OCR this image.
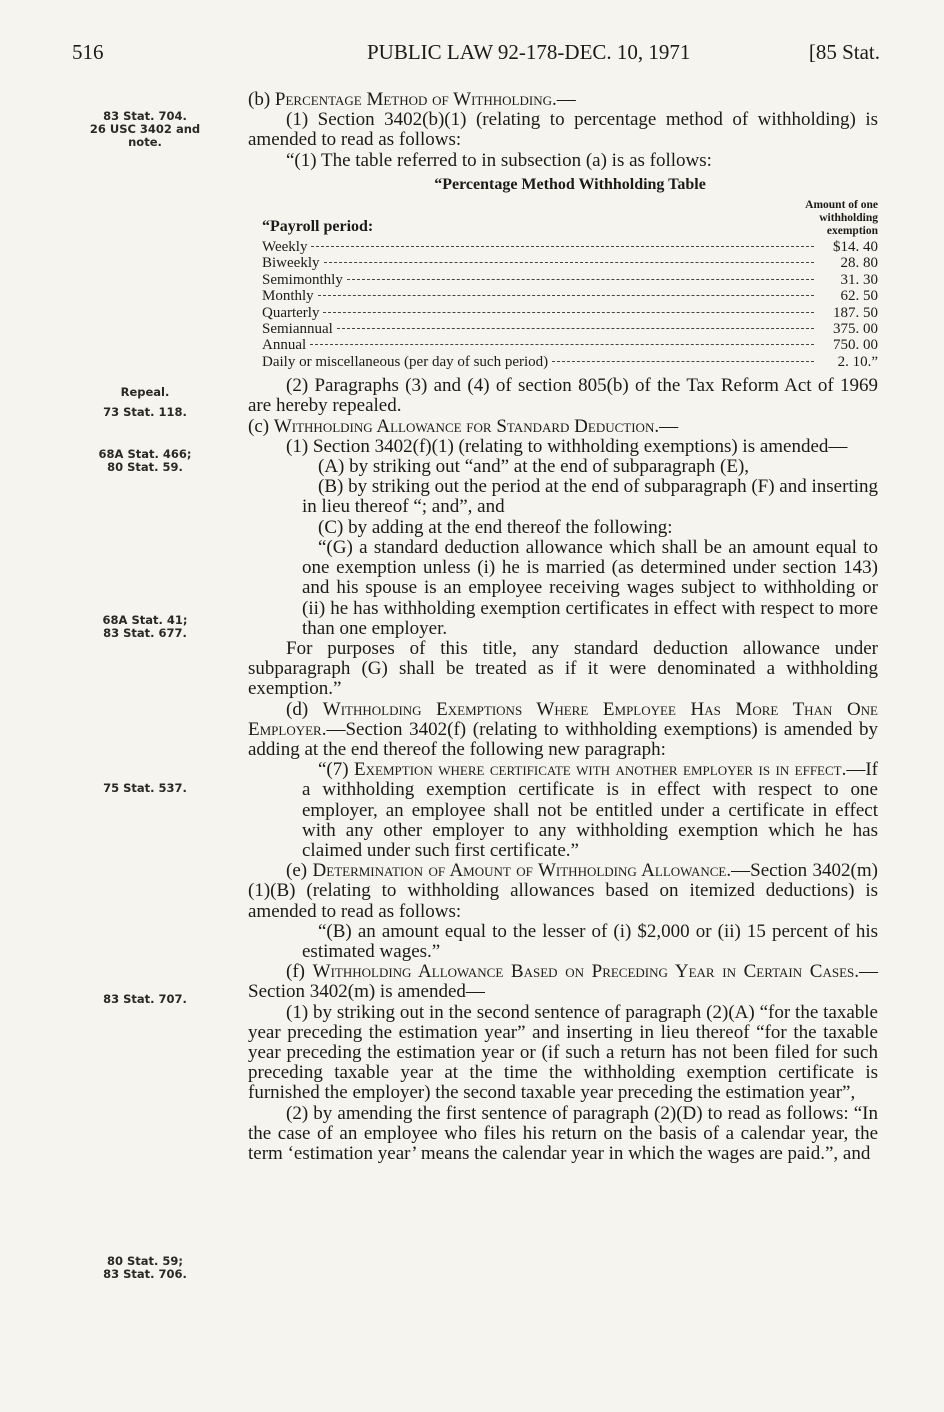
516	PUBLIC LAW 92-178-DEC. 10, 1971	[85 Stat.
83 Stat. 704.
26 USC 3402 and
note.
Repeal.
73 Stat. 118.
68A Stat. 466;
80 Stat. 59.
68A Stat. 41;
83 Stat. 677.
75 Stat. 537.
83 Stat. 707.
80 Stat. 59;
83 Stat. 706.

(b) Percentage Method of Withholding.—

(1) Section 3402(b)(1) (relating to percentage method of withholding) is amended to read as follows:

“(1) The table referred to in subsection (a) is as follows:

“Percentage Method Withholding Table
“Payroll period:
Amount of one
withholding
exemption
Weekly	$14. 40
Biweekly	28. 80
Semimonthly	31. 30
Monthly	62. 50
Quarterly	187. 50
Semiannual	375. 00
Annual	750. 00
Daily or miscellaneous (per day of such period)	2. 10.”

(2) Paragraphs (3) and (4) of section 805(b) of the Tax Reform Act of 1969 are hereby repealed.

(c) Withholding Allowance for Standard Deduction.—

(1) Section 3402(f)(1) (relating to withholding exemptions) is amended—

(A) by striking out “and” at the end of subparagraph (E),

(B) by striking out the period at the end of subparagraph (F) and inserting in lieu thereof “; and”, and

(C) by adding at the end thereof the following:

“(G) a standard deduction allowance which shall be an amount equal to one exemption unless (i) he is married (as determined under section 143) and his spouse is an employee receiving wages subject to withholding or (ii) he has withholding exemption certificates in effect with respect to more than one employer.

For purposes of this title, any standard deduction allowance under subparagraph (G) shall be treated as if it were denominated a withholding exemption.”

(d) Withholding Exemptions Where Employee Has More Than One Employer.—Section 3402(f) (relating to withholding exemptions) is amended by adding at the end thereof the following new paragraph:

“(7) Exemption where certificate with another employer is in effect.—If a withholding exemption certificate is in effect with respect to one employer, an employee shall not be entitled under a certificate in effect with any other employer to any withholding exemption which he has claimed under such first certificate.”

(e) Determination of Amount of Withholding Allowance.—Section 3402(m)(1)(B) (relating to withholding allowances based on itemized deductions) is amended to read as follows:

“(B) an amount equal to the lesser of (i) $2,000 or (ii) 15 percent of his estimated wages.”

(f) Withholding Allowance Based on Preceding Year in Certain Cases.—Section 3402(m) is amended—

(1) by striking out in the second sentence of paragraph (2)(A) “for the taxable year preceding the estimation year” and inserting in lieu thereof “for the taxable year preceding the estimation year or (if such a return has not been filed for such preceding taxable year at the time the withholding exemption certificate is furnished the employer) the second taxable year preceding the estimation year”,

(2) by amending the first sentence of paragraph (2)(D) to read as follows: “In the case of an employee who files his return on the basis of a calendar year, the term ‘estimation year’ means the calendar year in which the wages are paid.”, and
